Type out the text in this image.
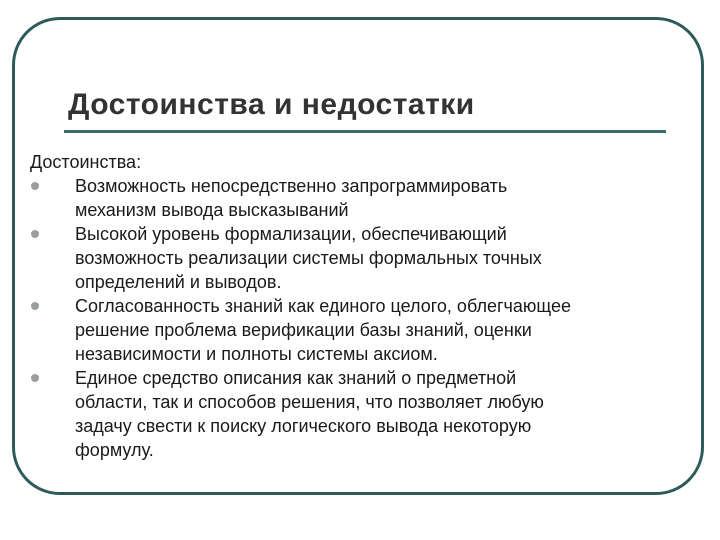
Достоинства и недостатки

Достоинства:

Возможность непосредственно запрограммировать
механизм вывода высказываний
Высокой уровень формализации, обеспечивающий
возможность реализации системы формальных точных
определений и выводов.
Согласованность знаний как единого целого, облегчающее
решение проблема верификации базы знаний, оценки
независимости и полноты системы аксиом.
Единое средство описания как знаний о предметной
области, так и способов решения, что позволяет любую
задачу свести к поиску логического вывода некоторую
формулу.
